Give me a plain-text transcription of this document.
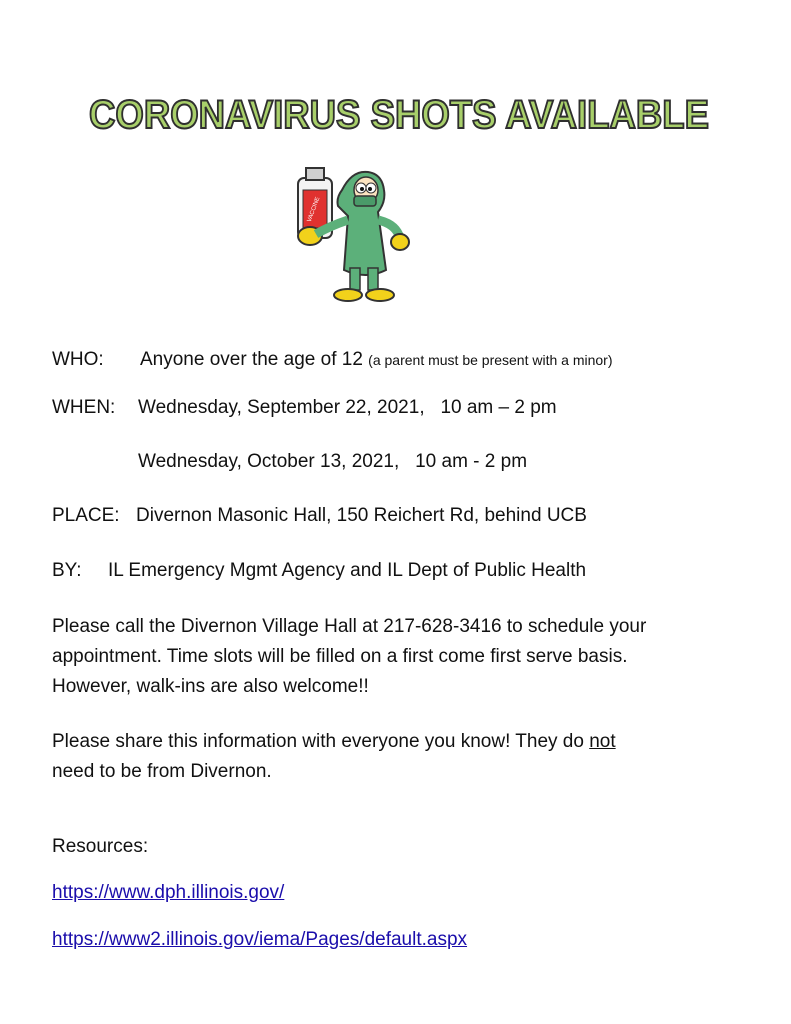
CORONAVIRUS SHOTS AVAILABLE
VACCINE
WHO: Anyone over the age of 12 (a parent must be present with a minor)
WHEN: Wednesday, September 22, 2021, 10 am – 2 pm
Wednesday, October 13, 2021, 10 am - 2 pm
PLACE: Divernon Masonic Hall, 150 Reichert Rd, behind UCB
BY: IL Emergency Mgmt Agency and IL Dept of Public Health
Please call the Divernon Village Hall at 217-628-3416 to schedule your
appointment. Time slots will be filled on a first come first serve basis.
However, walk-ins are also welcome!!
Please share this information with everyone you know! They do not
need to be from Divernon.
Resources:
https://www.dph.illinois.gov/
https://www2.illinois.gov/iema/Pages/default.aspx
